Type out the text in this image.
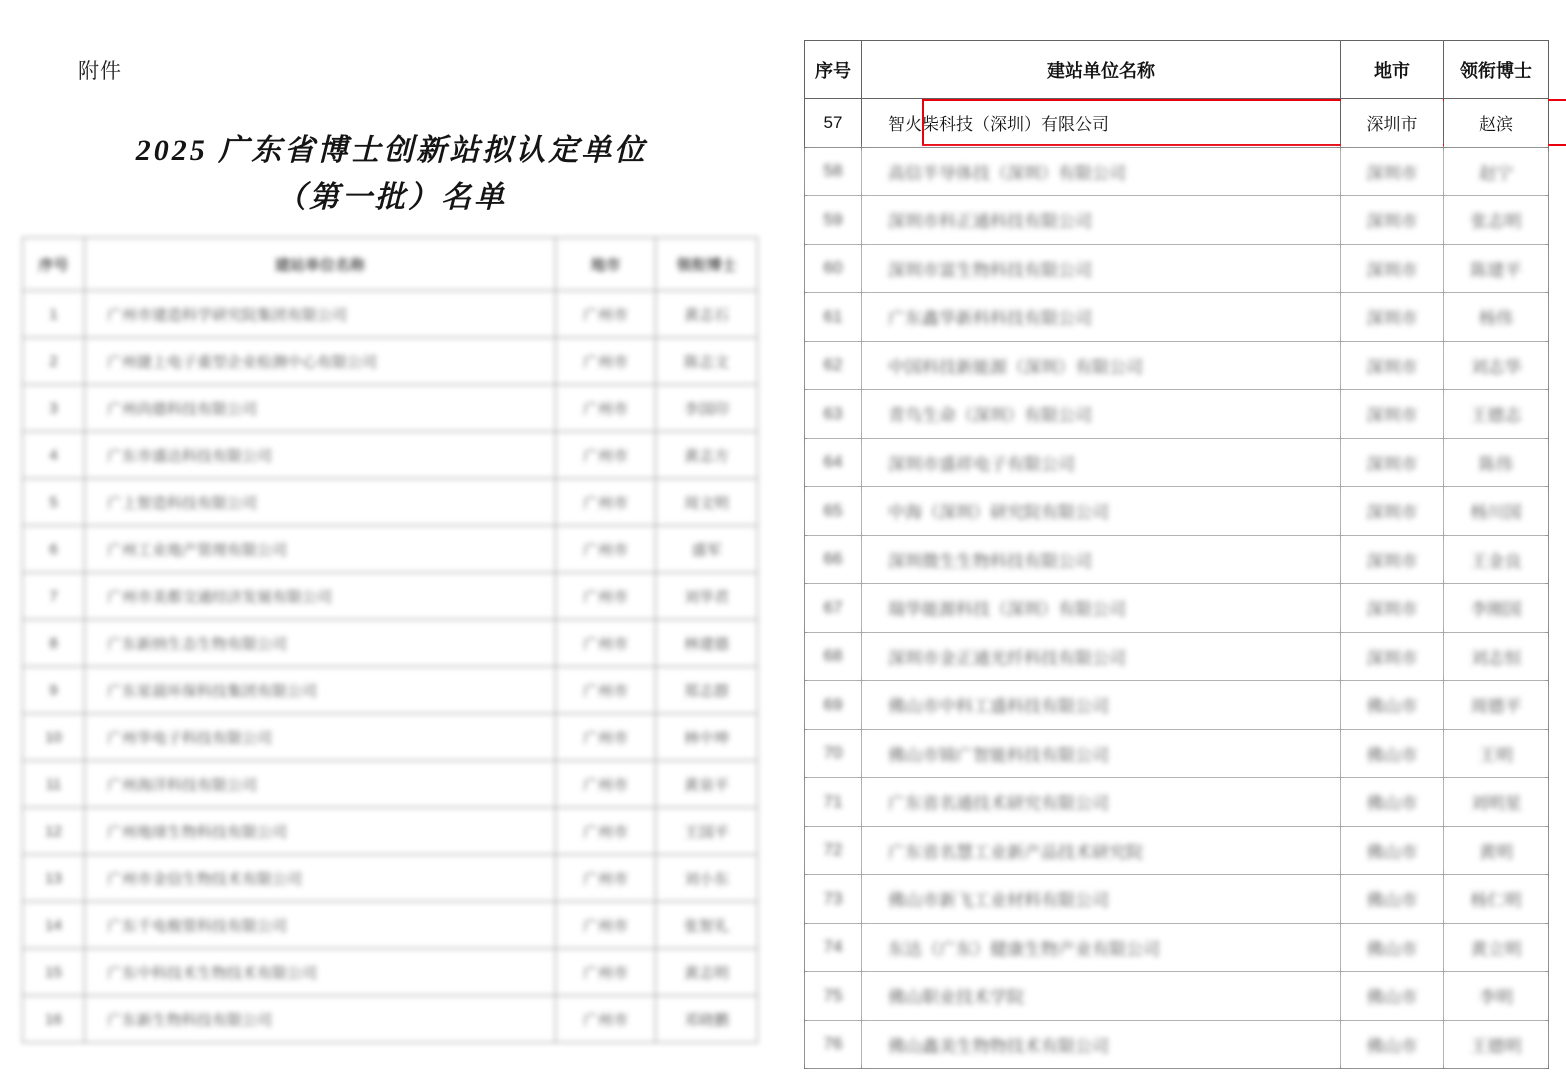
附件
2025 广东省博士创新站拟认定单位
（第一批）名单
序号	建站单位名称	地市	领衔博士
1	广州市建造科学研究院集团有限公司	广州市	黄志石
2	广州捷上电子重型企业检测中心有限公司	广州市	陈志文
3	广州尚德科技有限公司	广州市	李国印
4	广东市盛达科技有限公司	广州市	黄志方
5	广上智造科技有限公司	广州市	周文明
6	广州工业地产管理有限公司	广州市	盛军
7	广州市美都交通经济发展有限公司	广州市	刘华君
8	广东新纳生态生物有限公司	广州市	林建德
9	广东星晨环保科技集团有限公司	广州市	郑志群
10	广州华电子科技有限公司	广州市	林中坤
11	广州海洋科技有限公司	广州市	黄泉平
12	广州地球生物科技有限公司	广州市	王国平
13	广州市金信生物技术有限公司	广州市	刘小东
14	广东千电极管科技有限公司	广州市	张智礼
15	广东中科技术生物技术有限公司	广州市	黄志明
16	广东新生物科技有限公司	广州市	邓晓鹏
序号	建站单位名称	地市	领衔博士
57	智火柴科技（深圳）有限公司	深圳市	赵滨
58	高信半导体技（深圳）有限公司	深圳市	赵宁
59	深圳市科正通科技有限公司	深圳市	张志明
60	深圳市富生物科技有限公司	深圳市	陈建平
61	广东鑫华新科科技有限公司	深圳市	杨伟
62	中国科技新能源（深圳）有限公司	深圳市	刘志华
63	青鸟生命（深圳）有限公司	深圳市	王德志
64	深圳市盛祥电子有限公司	深圳市	陈伟
65	中海（深圳）研究院有限公司	深圳市	杨川国
66	深圳微生生物科技有限公司	深圳市	王金良
67	瑞华能源科技（深圳）有限公司	深圳市	李刚国
68	深圳市金正通光纤科技有限公司	深圳市	刘志恒
69	佛山市中科工盛科技有限公司	佛山市	周德平
70	佛山市锦广智能科技有限公司	佛山市	王明
71	广东省名通技术研究有限公司	佛山市	刘明星
72	广东省名慧工业新产品技术研究院	佛山市	黄明
73	佛山市新飞工业材料有限公司	佛山市	杨仁明
74	东达（广东）健康生物产业有限公司	佛山市	黄立明
75	佛山职业技术学院	佛山市	李明
76	佛山鑫美生物物技术有限公司	佛山市	王德明
